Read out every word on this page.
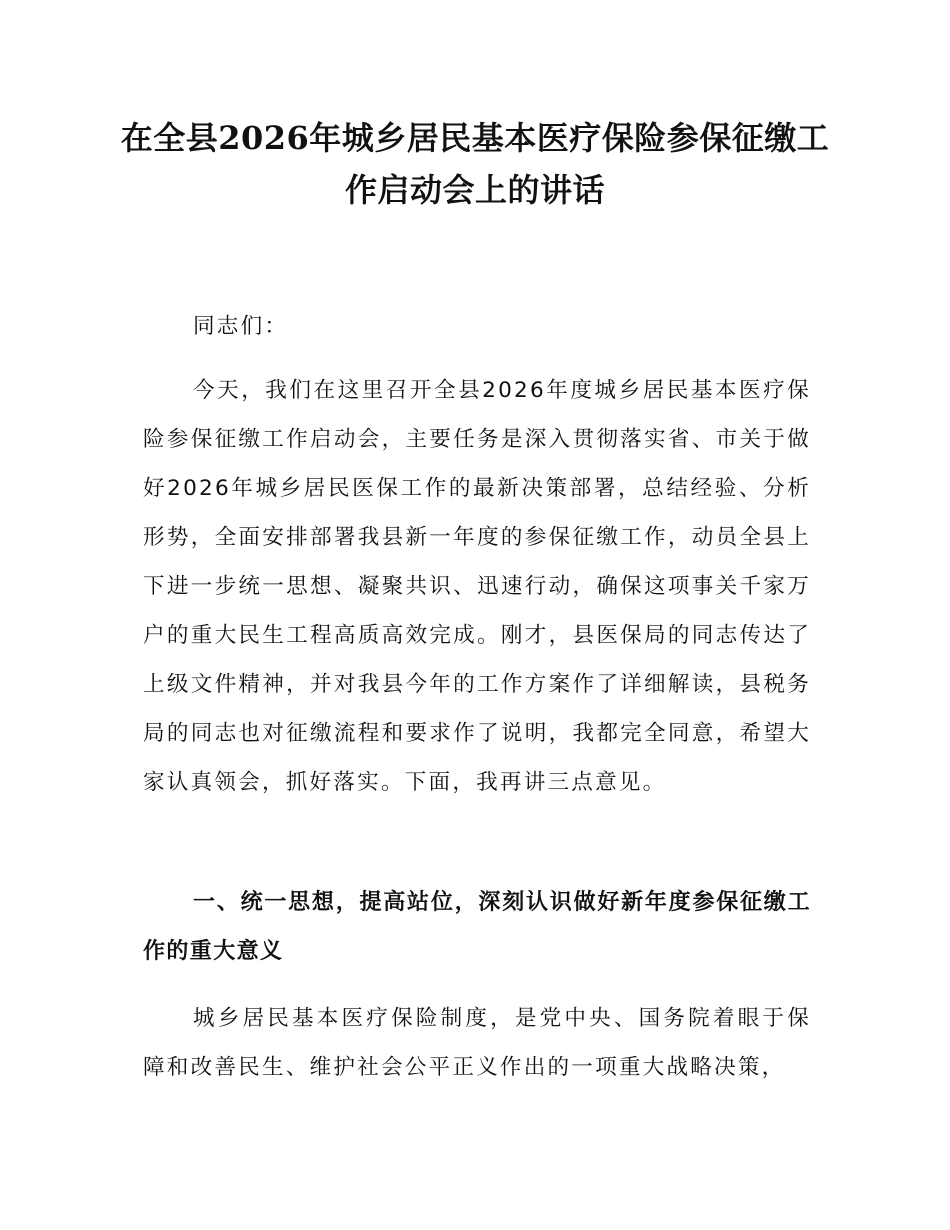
在全县2026年城乡居民基本医疗保险参保征缴工作启动会上的讲话

同志们：

今天，我们在这里召开全县2026年度城乡居民基本医疗保险参保征缴工作启动会，主要任务是深入贯彻落实省、市关于做好2026年城乡居民医保工作的最新决策部署，总结经验、分析形势，全面安排部署我县新一年度的参保征缴工作，动员全县上下进一步统一思想、凝聚共识、迅速行动，确保这项事关千家万户的重大民生工程高质高效完成。刚才，县医保局的同志传达了上级文件精神，并对我县今年的工作方案作了详细解读，县税务局的同志也对征缴流程和要求作了说明，我都完全同意，希望大家认真领会，抓好落实。下面，我再讲三点意见。

一、统一思想，提高站位，深刻认识做好新年度参保征缴工作的重大意义

城乡居民基本医疗保险制度，是党中央、国务院着眼于保障和改善民生、维护社会公平正义作出的一项重大战略决策，
